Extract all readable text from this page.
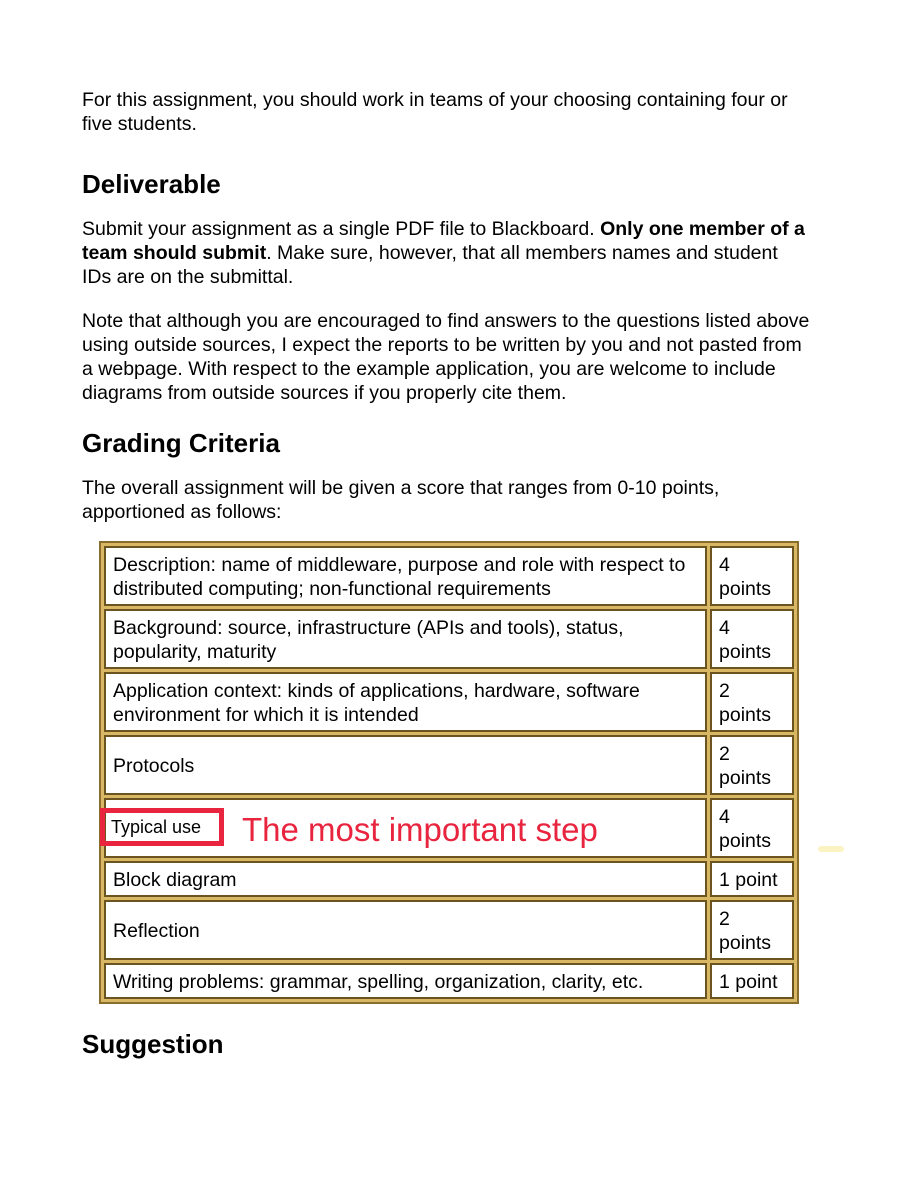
For this assignment, you should work in teams of your choosing containing four or five students.

Deliverable

Submit your assignment as a single PDF file to Blackboard. Only one member of a team should submit. Make sure, however, that all members names and student IDs are on the submittal.

Note that although you are encouraged to find answers to the questions listed above using outside sources, I expect the reports to be written by you and not pasted from a webpage. With respect to the example application, you are welcome to include diagrams from outside sources if you properly cite them.

Grading Criteria

The overall assignment will be given a score that ranges from 0-10 points, apportioned as follows:

Description: name of middleware, purpose and role with respect to distributed computing; non-functional requirements	4 points
Background: source, infrastructure (APIs and tools), status, popularity, maturity	4 points
Application context: kinds of applications, hardware, software environment for which it is intended	2 points
Protocols	2 points

Typical use The most important step	4 points
Block diagram	1 point
Reflection	2 points
Writing problems: grammar, spelling, organization, clarity, etc.	1 point
Suggestion
